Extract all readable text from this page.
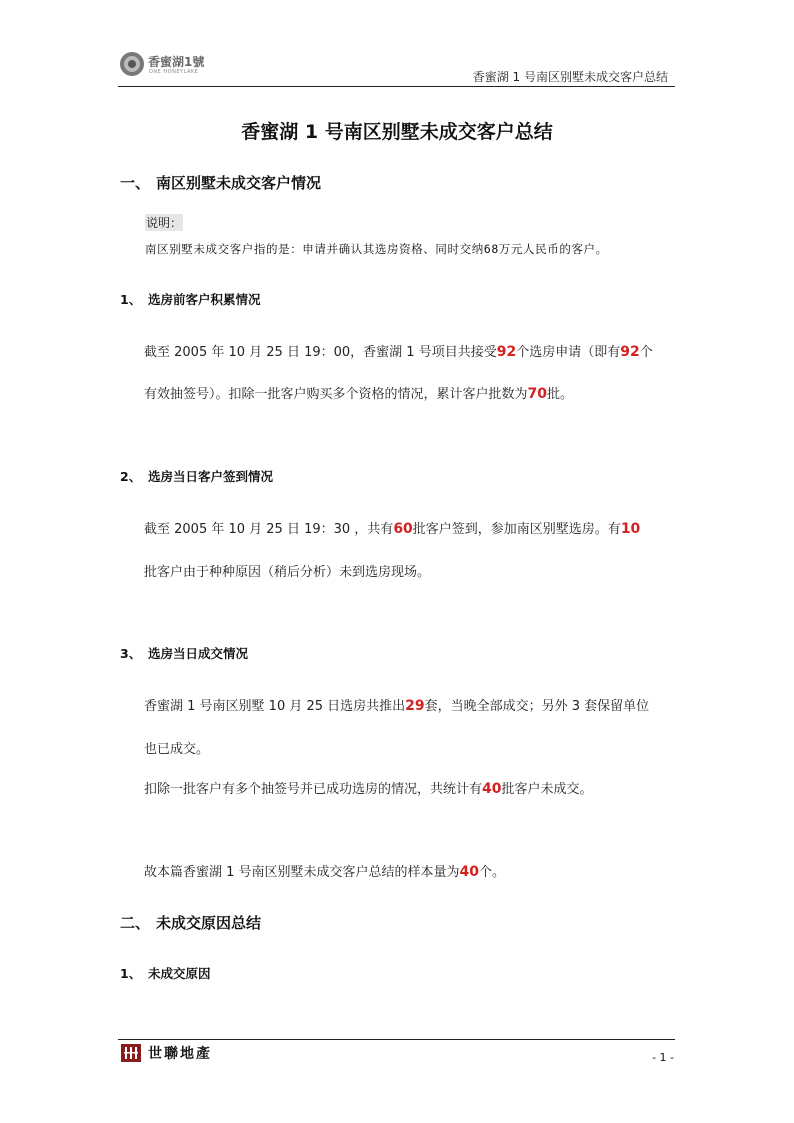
香蜜湖1號
ONE HONEYLAKE	香蜜湖 1 号南区别墅未成交客户总结
香蜜湖 1 号南区别墅未成交客户总结
一、 南区别墅未成交客户情况
说明：
南区别墅未成交客户指的是：申请并确认其选房资格、同时交纳68万元人民币的客户。
1、 选房前客户积累情况
截至 2005 年 10 月 25 日 19：00，香蜜湖 1 号项目共接受92个选房申请（即有92个
有效抽签号）。扣除一批客户购买多个资格的情况，累计客户批数为70批。
2、 选房当日客户签到情况
截至 2005 年 10 月 25 日 19：30 ，共有60批客户签到，参加南区别墅选房。有10
批客户由于种种原因（稍后分析）未到选房现场。
3、 选房当日成交情况
香蜜湖 1 号南区别墅 10 月 25 日选房共推出29套，当晚全部成交；另外 3 套保留单位
也已成交。
扣除一批客户有多个抽签号并已成功选房的情况，共统计有40批客户未成交。
故本篇香蜜湖 1 号南区别墅未成交客户总结的样本量为40个。
二、 未成交原因总结
1、 未成交原因
世聯地產	- 1 -
